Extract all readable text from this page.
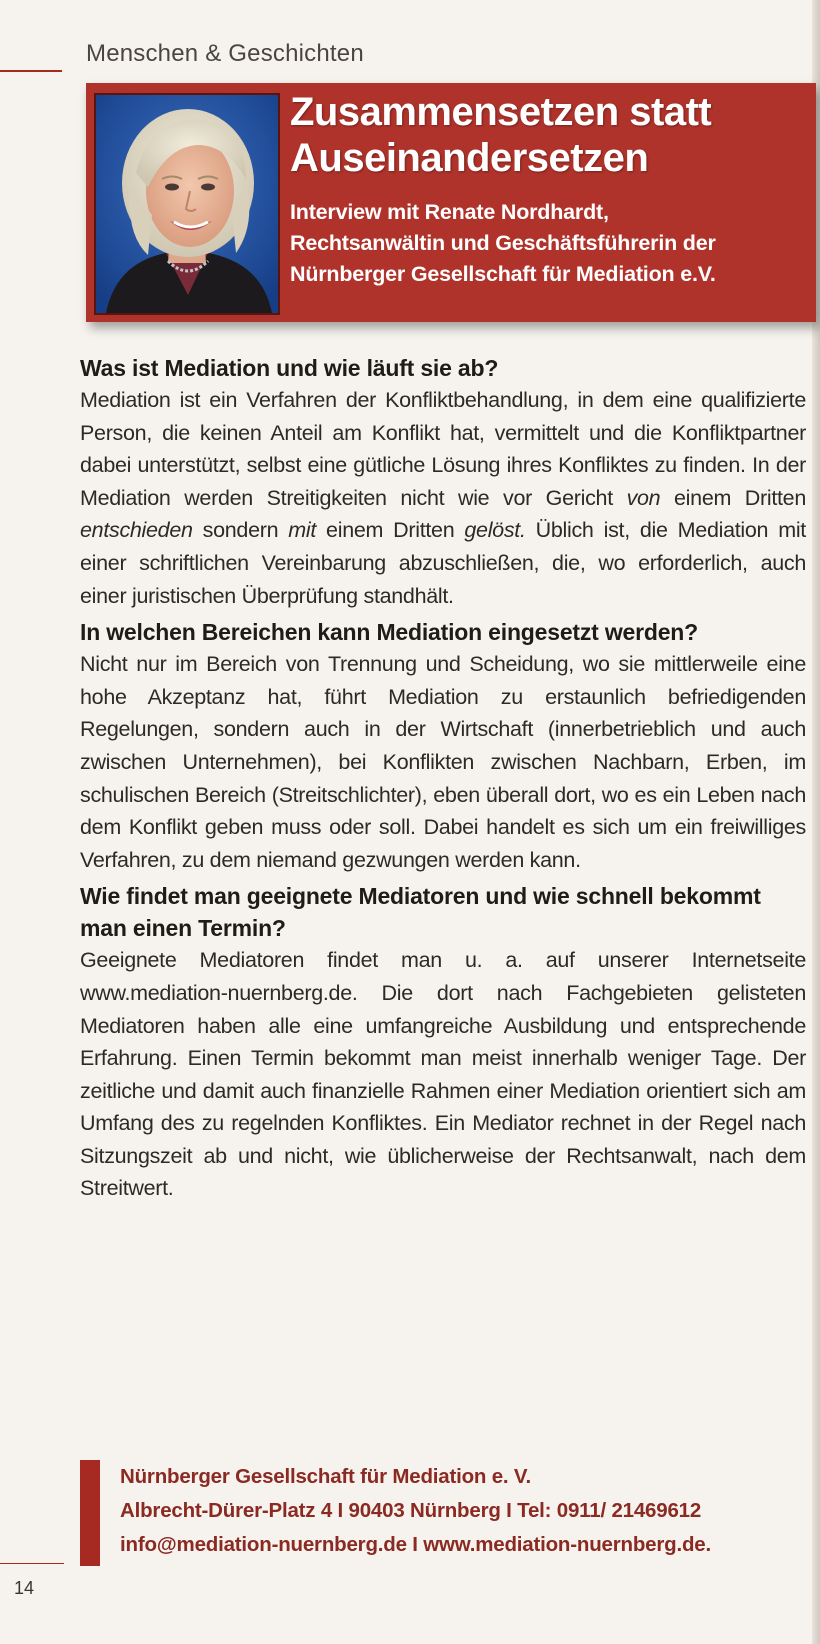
Menschen & Geschichten
Zusammensetzen statt
Auseinandersetzen
Interview mit Renate Nordhardt,
Rechtsanwältin und Geschäftsführerin der
Nürnberger Gesellschaft für Mediation e.V.

Was ist Mediation und wie läuft sie ab?

Mediation ist ein Verfahren der Konfliktbehandlung, in dem eine qualifizierte Person, die keinen Anteil am Konflikt hat, vermittelt und die Konfliktpartner dabei unterstützt, selbst eine gütliche Lösung ihres Konfliktes zu finden. In der Mediation werden Streitigkeiten nicht wie vor Gericht von einem Dritten entschieden sondern mit einem Dritten gelöst. Üblich ist, die Mediation mit einer schriftlichen Vereinbarung abzuschließen, die, wo erforderlich, auch einer juristischen Überprüfung standhält.

In welchen Bereichen kann Mediation eingesetzt werden?

Nicht nur im Bereich von Trennung und Scheidung, wo sie mittlerweile eine hohe Akzeptanz hat, führt Mediation zu erstaunlich befriedigenden Regelungen, sondern auch in der Wirtschaft (innerbetrieblich und auch zwischen Unternehmen), bei Konflikten zwischen Nachbarn, Erben, im schulischen Bereich (Streitschlichter), eben überall dort, wo es ein Leben nach dem Konflikt geben muss oder soll. Dabei handelt es sich um ein freiwilliges Verfahren, zu dem niemand gezwungen werden kann.

Wie findet man geeignete Mediatoren und wie schnell bekommt man einen Termin?

Geeignete Mediatoren findet man u. a. auf unserer Internetseite www.mediation-nuernberg.de. Die dort nach Fachgebieten gelisteten Mediatoren haben alle eine umfangreiche Ausbildung und entsprechende Erfahrung. Einen Termin bekommt man meist innerhalb weniger Tage. Der zeitliche und damit auch finanzielle Rahmen einer Mediation orientiert sich am Umfang des zu regelnden Konfliktes. Ein Mediator rechnet in der Regel nach Sitzungszeit ab und nicht, wie üblicherweise der Rechtsanwalt, nach dem Streitwert.

Nürnberger Gesellschaft für Mediation e. V.
Albrecht-Dürer-Platz 4 I 90403 Nürnberg I Tel: 0911/ 21469612
info@mediation-nuernberg.de I www.mediation-nuernberg.de.
14
